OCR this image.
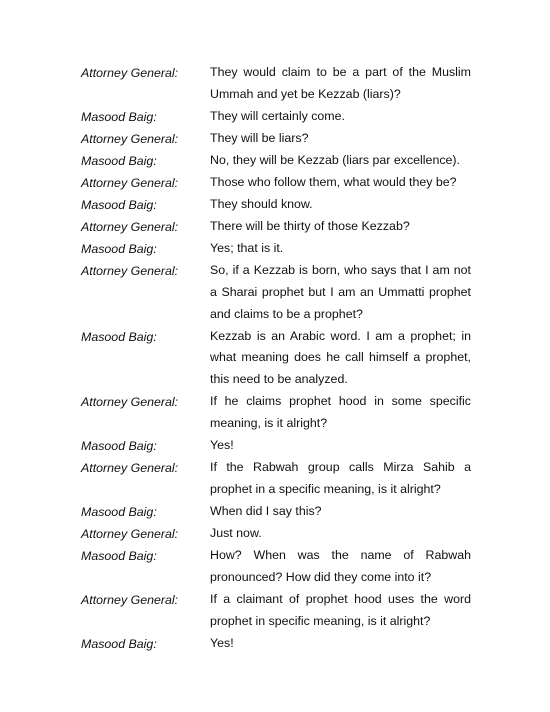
Attorney General:	They would claim to be a part of the Muslim Ummah and yet be Kezzab (liars)?
Masood Baig:	They will certainly come.
Attorney General:	They will be liars?
Masood Baig:	No, they will be Kezzab (liars par excellence).
Attorney General:	Those who follow them, what would they be?
Masood Baig:	They should know.
Attorney General:	There will be thirty of those Kezzab?
Masood Baig:	Yes; that is it.
Attorney General:	So, if a Kezzab is born, who says that I am not a Sharai prophet but I am an Ummatti prophet and claims to be a prophet?
Masood Baig:	Kezzab is an Arabic word. I am a prophet; in what meaning does he call himself a prophet, this need to be analyzed.
Attorney General:	If he claims prophet hood in some specific meaning, is it alright?
Masood Baig:	Yes!
Attorney General:	If the Rabwah group calls Mirza Sahib a prophet in a specific meaning, is it alright?
Masood Baig:	When did I say this?
Attorney General:	Just now.
Masood Baig:	How? When was the name of Rabwah pronounced? How did they come into it?
Attorney General:	If a claimant of prophet hood uses the word prophet in specific meaning, is it alright?
Masood Baig:	Yes!
